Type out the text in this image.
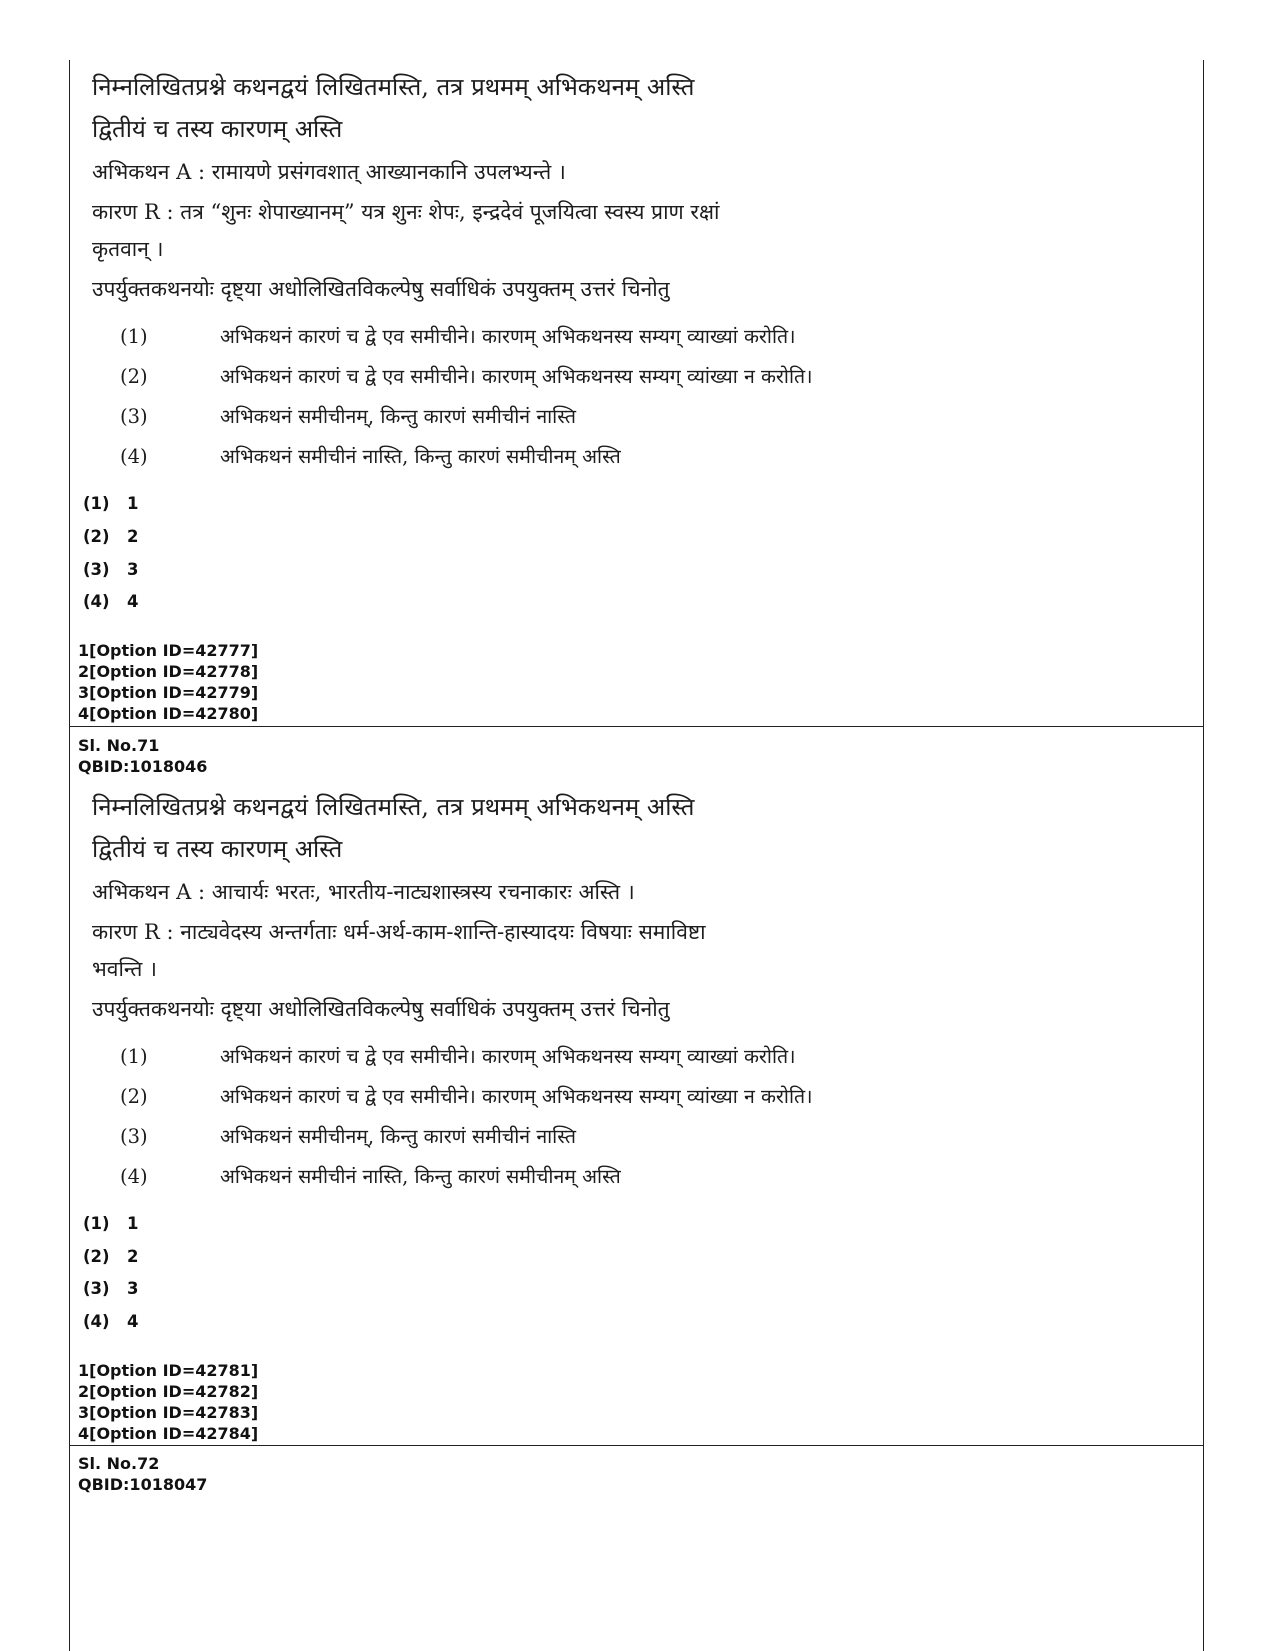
निम्नलिखितप्रश्ने कथनद्वयं लिखितमस्ति, तत्र प्रथमम् अभिकथनम् अस्ति
द्वितीयं च तस्य कारणम् अस्ति
अभिकथन A : रामायणे प्रसंगवशात् आख्यानकानि उपलभ्यन्ते ।
कारण R : तत्र “शुनः शेपाख्यानम्” यत्र शुनः शेपः, इन्द्रदेवं पूजयित्वा स्वस्य प्राण रक्षां
कृतवान् ।
उपर्युक्तकथनयोः दृष्ट्या अधोलिखितविकल्पेषु सर्वाधिकं उपयुक्तम् उत्तरं चिनोतु
(1)	अभिकथनं कारणं च द्वे एव समीचीने। कारणम् अभिकथनस्य सम्यग् व्याख्यां करोति।
(2)	अभिकथनं कारणं च द्वे एव समीचीने। कारणम् अभिकथनस्य सम्यग् व्यांख्या न करोति।
(3)	अभिकथनं समीचीनम्, किन्तु कारणं समीचीनं नास्ति
(4)	अभिकथनं समीचीनं नास्ति, किन्तु कारणं समीचीनम् अस्ति
(1) 1
(2) 2
(3) 3
(4) 4
1[Option ID=42777]
2[Option ID=42778]
3[Option ID=42779]
4[Option ID=42780]
Sl. No.71
QBID:1018046
निम्नलिखितप्रश्ने कथनद्वयं लिखितमस्ति, तत्र प्रथमम् अभिकथनम् अस्ति
द्वितीयं च तस्य कारणम् अस्ति
अभिकथन A : आचार्यः भरतः, भारतीय-नाट्यशास्त्रस्य रचनाकारः अस्ति ।
कारण R : नाट्यवेदस्य अन्तर्गताः धर्म-अर्थ-काम-शान्ति-हास्यादयः विषयाः समाविष्टा
भवन्ति ।
उपर्युक्तकथनयोः दृष्ट्या अधोलिखितविकल्पेषु सर्वाधिकं उपयुक्तम् उत्तरं चिनोतु
(1)	अभिकथनं कारणं च द्वे एव समीचीने। कारणम् अभिकथनस्य सम्यग् व्याख्यां करोति।
(2)	अभिकथनं कारणं च द्वे एव समीचीने। कारणम् अभिकथनस्य सम्यग् व्यांख्या न करोति।
(3)	अभिकथनं समीचीनम्, किन्तु कारणं समीचीनं नास्ति
(4)	अभिकथनं समीचीनं नास्ति, किन्तु कारणं समीचीनम् अस्ति
(1) 1
(2) 2
(3) 3
(4) 4
1[Option ID=42781]
2[Option ID=42782]
3[Option ID=42783]
4[Option ID=42784]
Sl. No.72
QBID:1018047
